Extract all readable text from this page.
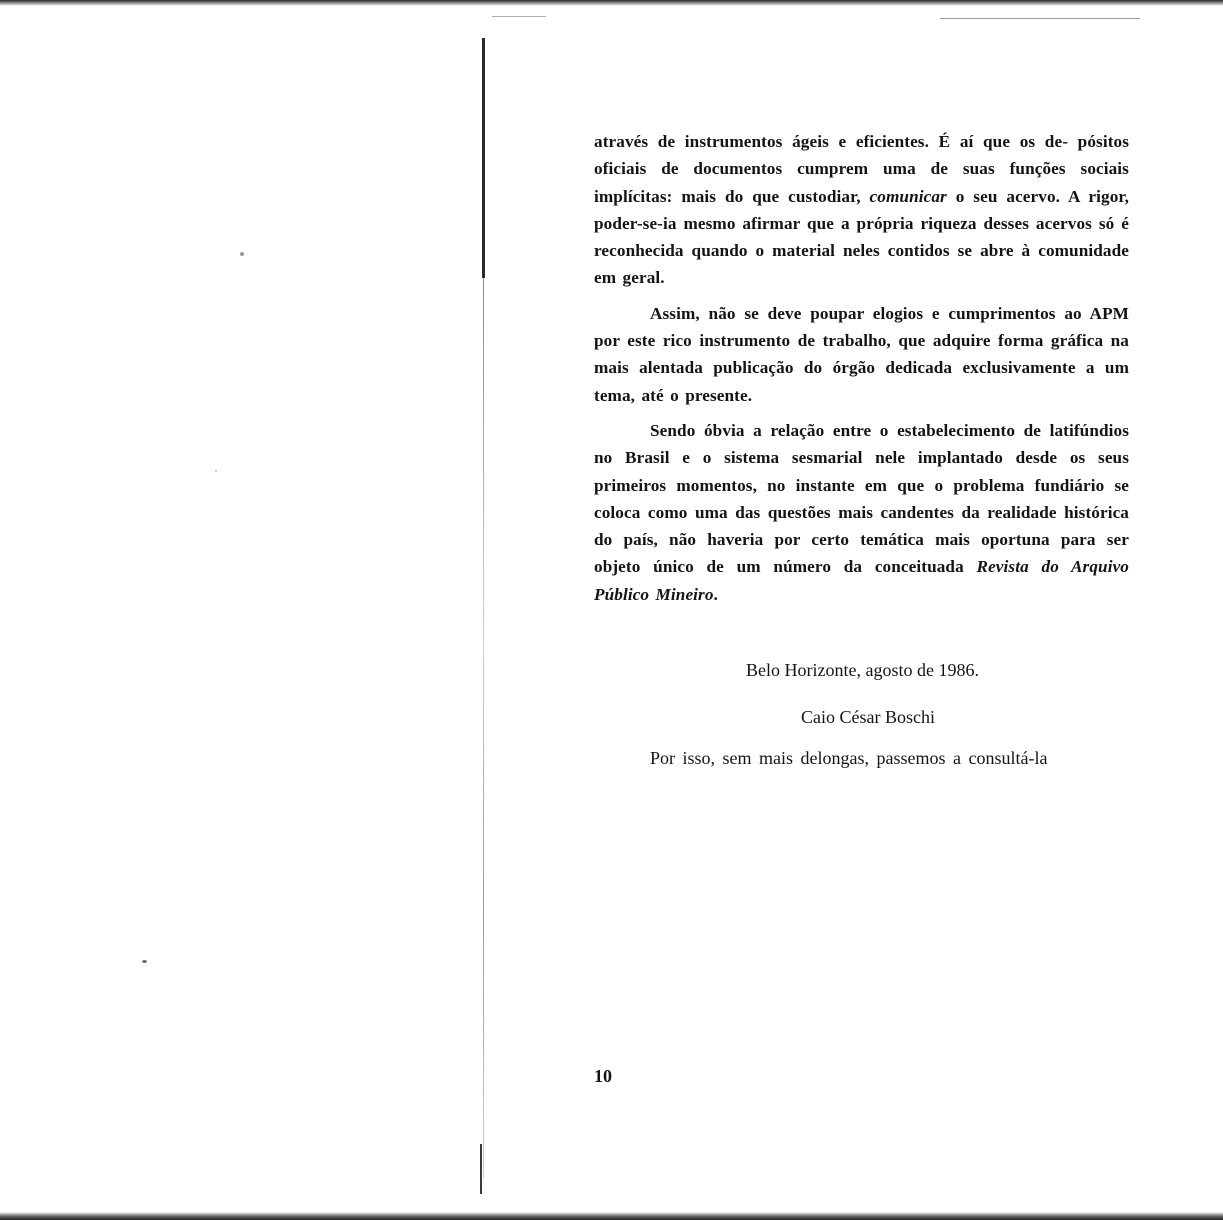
através de instrumentos ágeis e eficientes. É aí que os de- pósitos oficiais de documentos cumprem uma de suas funções sociais implícitas: mais do que custodiar, comunicar o seu acervo. A rigor, poder-se-ia mesmo afirmar que a própria riqueza desses acervos só é reconhecida quando o material neles contidos se abre à comunidade em geral.

Assim, não se deve poupar elogios e cumprimentos ao APM por este rico instrumento de trabalho, que adquire forma gráfica na mais alentada publicação do órgão dedicada exclusivamente a um tema, até o presente.

Sendo óbvia a relação entre o estabelecimento de latifúndios no Brasil e o sistema sesmarial nele implantado desde os seus primeiros momentos, no instante em que o problema fundiário se coloca como uma das questões mais candentes da realidade histórica do país, não haveria por certo temática mais oportuna para ser objeto único de um número da conceituada Revista do Arquivo Público Mineiro.

Belo Horizonte, agosto de 1986.
Caio César Boschi
Por isso, sem mais delongas, passemos a consultá-la
10
